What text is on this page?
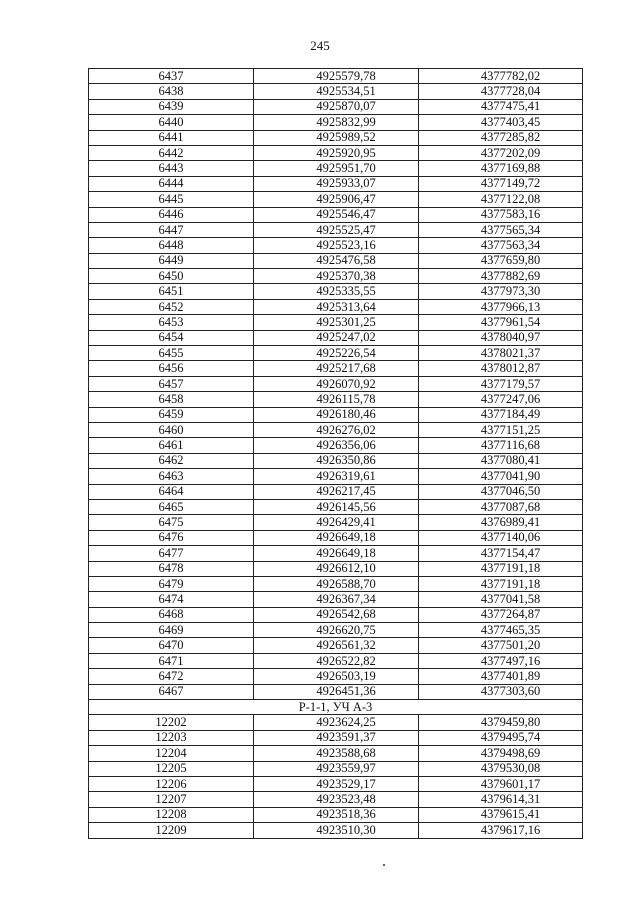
245
6437	4925579,78	4377782,02
6438	4925534,51	4377728,04
6439	4925870,07	4377475,41
6440	4925832,99	4377403,45
6441	4925989,52	4377285,82
6442	4925920,95	4377202,09
6443	4925951,70	4377169,88
6444	4925933,07	4377149,72
6445	4925906,47	4377122,08
6446	4925546,47	4377583,16
6447	4925525,47	4377565,34
6448	4925523,16	4377563,34
6449	4925476,58	4377659,80
6450	4925370,38	4377882,69
6451	4925335,55	4377973,30
6452	4925313,64	4377966,13
6453	4925301,25	4377961,54
6454	4925247,02	4378040,97
6455	4925226,54	4378021,37
6456	4925217,68	4378012,87
6457	4926070,92	4377179,57
6458	4926115,78	4377247,06
6459	4926180,46	4377184,49
6460	4926276,02	4377151,25
6461	4926356,06	4377116,68
6462	4926350,86	4377080,41
6463	4926319,61	4377041,90
6464	4926217,45	4377046,50
6465	4926145,56	4377087,68
6475	4926429,41	4376989,41
6476	4926649,18	4377140,06
6477	4926649,18	4377154,47
6478	4926612,10	4377191,18
6479	4926588,70	4377191,18
6474	4926367,34	4377041,58
6468	4926542,68	4377264,87
6469	4926620,75	4377465,35
6470	4926561,32	4377501,20
6471	4926522,82	4377497,16
6472	4926503,19	4377401,89
6467	4926451,36	4377303,60
Р-1-1, УЧ А-3		
12202	4923624,25	4379459,80
12203	4923591,37	4379495,74
12204	4923588,68	4379498,69
12205	4923559,97	4379530,08
12206	4923529,17	4379601,17
12207	4923523,48	4379614,31
12208	4923518,36	4379615,41
12209	4923510,30	4379617,16
